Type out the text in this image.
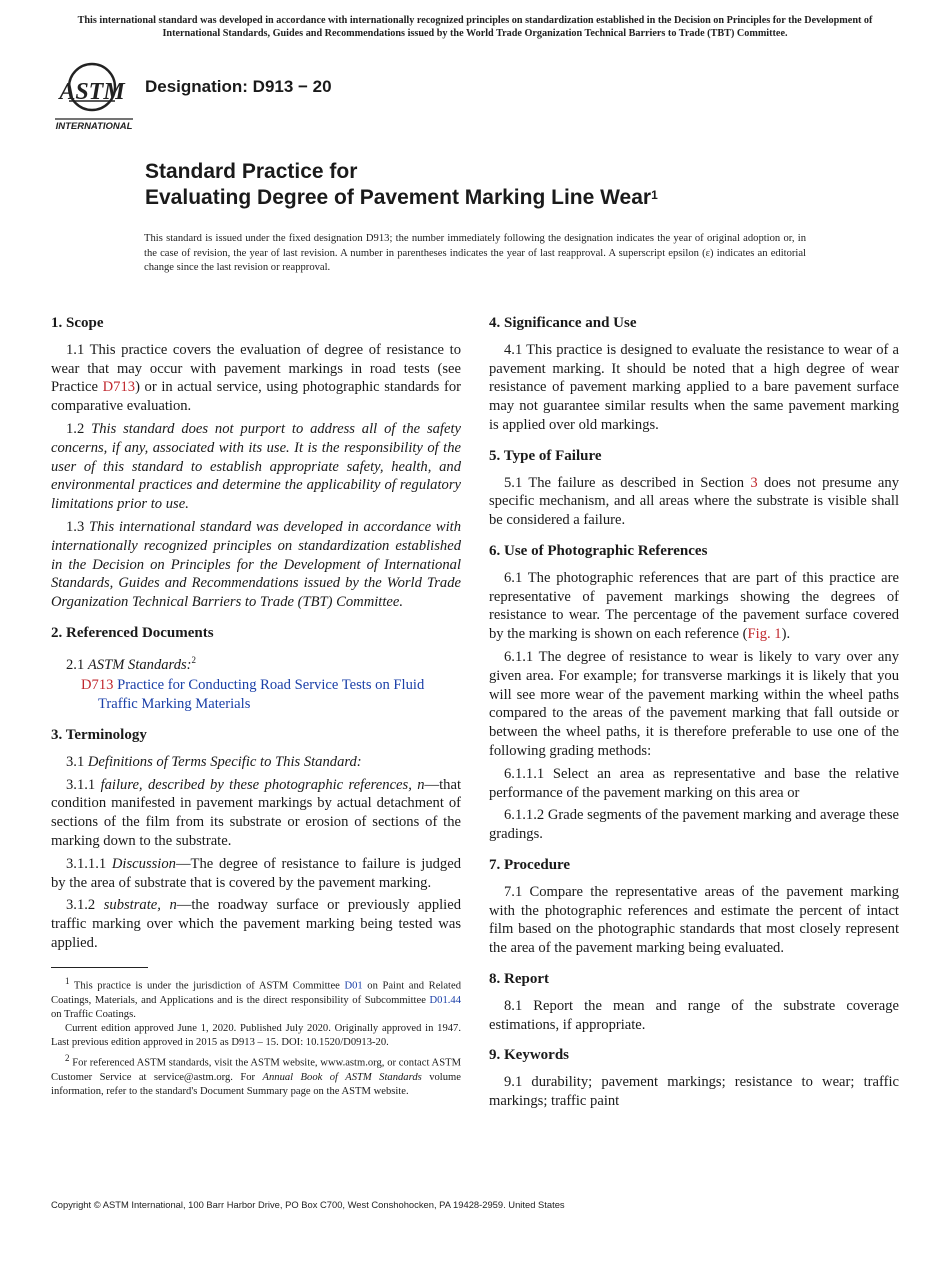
This international standard was developed in accordance with internationally recognized principles on standardization established in the Decision on Principles for the Development of International Standards, Guides and Recommendations issued by the World Trade Organization Technical Barriers to Trade (TBT) Committee.
ASTM
INTERNATIONAL
Designation: D913 − 20
Standard Practice for
Evaluating Degree of Pavement Marking Line Wear$^1$
This standard is issued under the fixed designation D913; the number immediately following the designation indicates the year of original adoption or, in the case of revision, the year of last revision. A number in parentheses indicates the year of last reapproval. A superscript epsilon (ε) indicates an editorial change since the last revision or reapproval.
1. Scope

1.1 This practice covers the evaluation of degree of resistance to wear that may occur with pavement markings in road tests (see Practice D713) or in actual service, using photographic standards for comparative evaluation.

1.2 This standard does not purport to address all of the safety concerns, if any, associated with its use. It is the responsibility of the user of this standard to establish appropriate safety, health, and environmental practices and determine the applicability of regulatory limitations prior to use.

1.3 This international standard was developed in accordance with internationally recognized principles on standardization established in the Decision on Principles for the Development of International Standards, Guides and Recommendations issued by the World Trade Organization Technical Barriers to Trade (TBT) Committee.

2. Referenced Documents

2.1 ASTM Standards:$^2$

D713 Practice for Conducting Road Service Tests on Fluid Traffic Marking Materials

3. Terminology

3.1 Definitions of Terms Specific to This Standard:

3.1.1 failure, described by these photographic references, n—that condition manifested in pavement markings by actual detachment of sections of the film from its substrate or erosion of sections of the marking down to the substrate.

3.1.1.1 Discussion—The degree of resistance to failure is judged by the area of substrate that is covered by the pavement marking.

3.1.2 substrate, n—the roadway surface or previously applied traffic marking over which the pavement marking being tested was applied.

$^1$ This practice is under the jurisdiction of ASTM Committee D01 on Paint and Related Coatings, Materials, and Applications and is the direct responsibility of Subcommittee D01.44 on Traffic Coatings.

Current edition approved June 1, 2020. Published July 2020. Originally approved in 1947. Last previous edition approved in 2015 as D913 – 15. DOI: 10.1520/D0913-20.

$^2$ For referenced ASTM standards, visit the ASTM website, www.astm.org, or contact ASTM Customer Service at service@astm.org. For Annual Book of ASTM Standards volume information, refer to the standard's Document Summary page on the ASTM website.

4. Significance and Use

4.1 This practice is designed to evaluate the resistance to wear of a pavement marking. It should be noted that a high degree of wear resistance of pavement marking applied to a bare pavement surface may not guarantee similar results when the same pavement marking is applied over old markings.

5. Type of Failure

5.1 The failure as described in Section 3 does not presume any specific mechanism, and all areas where the substrate is visible shall be considered a failure.

6. Use of Photographic References

6.1 The photographic references that are part of this practice are representative of pavement markings showing the degrees of resistance to wear. The percentage of the pavement surface covered by the marking is shown on each reference (Fig. 1).

6.1.1 The degree of resistance to wear is likely to vary over any given area. For example; for transverse markings it is likely that you will see more wear of the pavement marking within the wheel paths compared to the areas of the pavement marking that fall outside or between the wheel paths, it is therefore preferable to use one of the following grading methods:

6.1.1.1 Select an area as representative and base the relative performance of the pavement marking on this area or

6.1.1.2 Grade segments of the pavement marking and average these gradings.

7. Procedure

7.1 Compare the representative areas of the pavement marking with the photographic references and estimate the percent of intact film based on the photographic standards that most closely represent the area of the pavement marking being evaluated.

8. Report

8.1 Report the mean and range of the substrate coverage estimations, if appropriate.

9. Keywords

9.1 durability; pavement markings; resistance to wear; traffic markings; traffic paint

Copyright © ASTM International, 100 Barr Harbor Drive, PO Box C700, West Conshohocken, PA 19428-2959. United States
